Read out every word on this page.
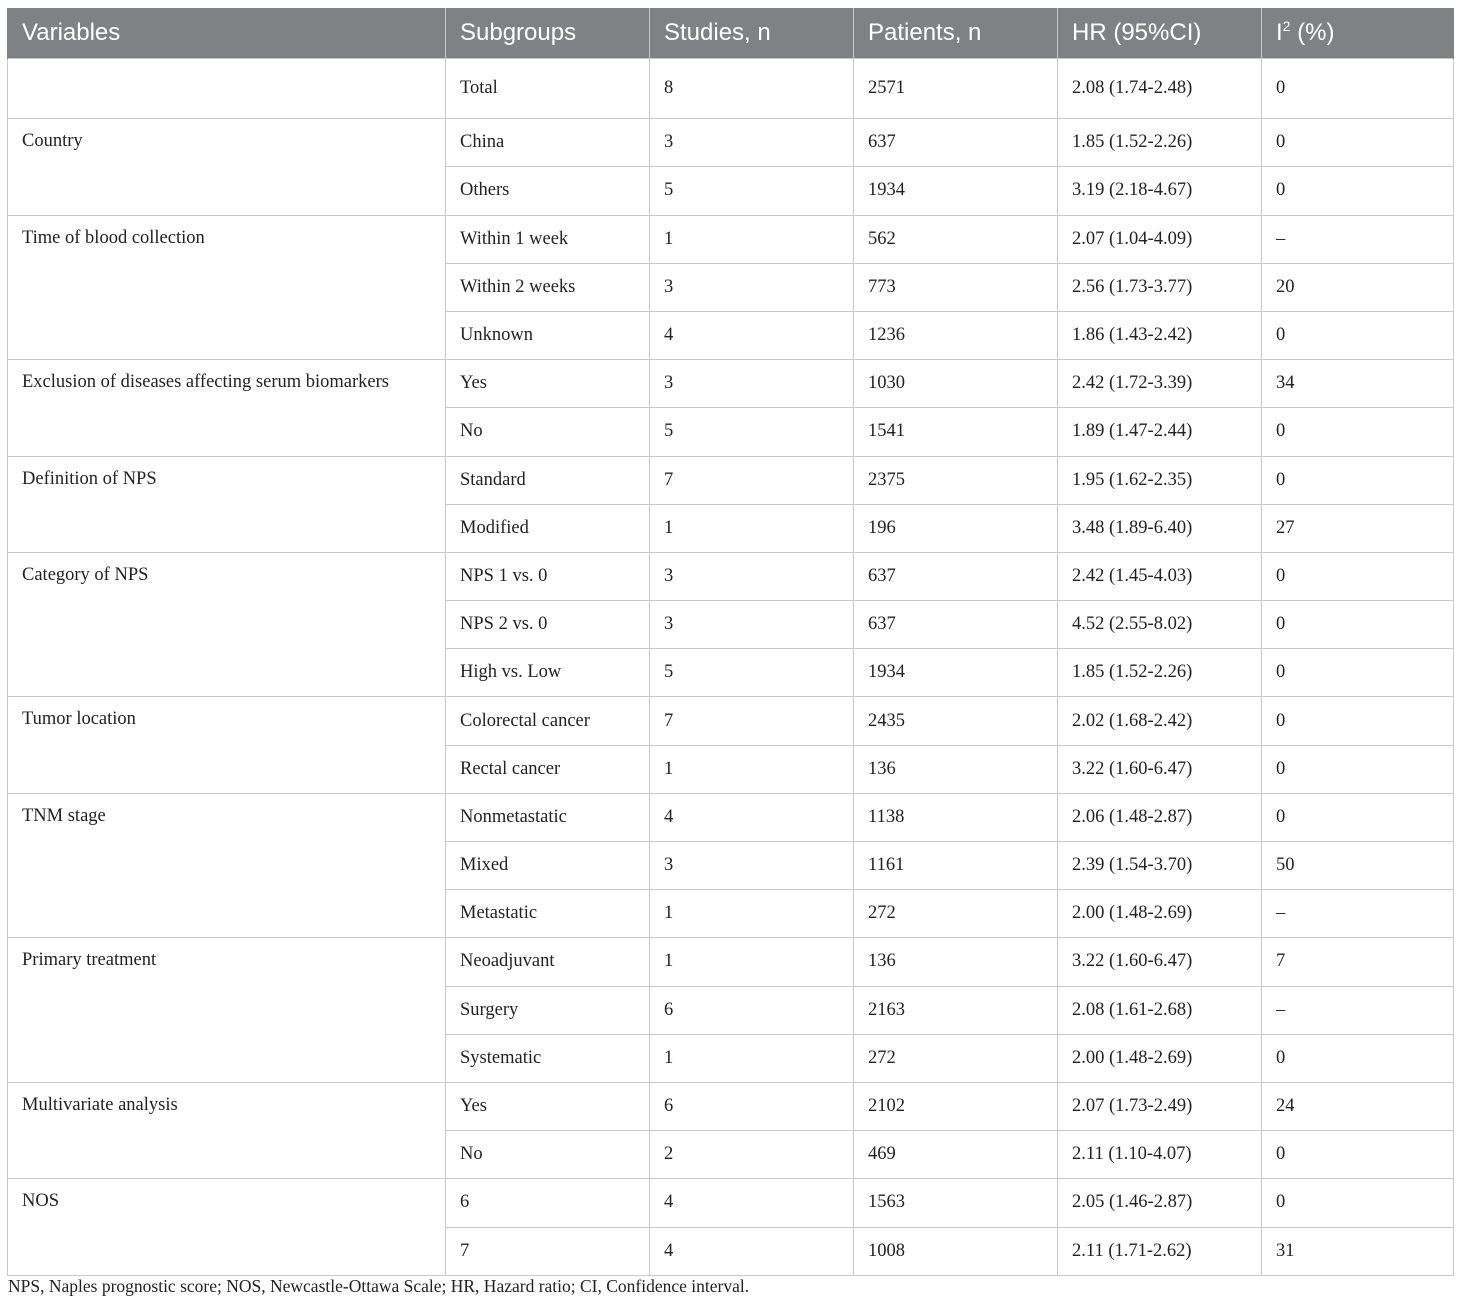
Variables	Subgroups	Studies, n	Patients, n	HR (95%CI)	$I^2$ (%)
	Total	8	2571	2.08 (1.74-2.48)	0
Country	China	3	637	1.85 (1.52-2.26)	0
	Others	5	1934	3.19 (2.18-4.67)	0
Time of blood collection	Within 1 week	1	562	2.07 (1.04-4.09)	–
	Within 2 weeks	3	773	2.56 (1.73-3.77)	20
	Unknown	4	1236	1.86 (1.43-2.42)	0
Exclusion of diseases affecting serum biomarkers	Yes	3	1030	2.42 (1.72-3.39)	34
	No	5	1541	1.89 (1.47-2.44)	0
Definition of NPS	Standard	7	2375	1.95 (1.62-2.35)	0
	Modified	1	196	3.48 (1.89-6.40)	27
Category of NPS	NPS 1 vs. 0	3	637	2.42 (1.45-4.03)	0
	NPS 2 vs. 0	3	637	4.52 (2.55-8.02)	0
	High vs. Low	5	1934	1.85 (1.52-2.26)	0
Tumor location	Colorectal cancer	7	2435	2.02 (1.68-2.42)	0
	Rectal cancer	1	136	3.22 (1.60-6.47)	0
TNM stage	Nonmetastatic	4	1138	2.06 (1.48-2.87)	0
	Mixed	3	1161	2.39 (1.54-3.70)	50
	Metastatic	1	272	2.00 (1.48-2.69)	–
Primary treatment	Neoadjuvant	1	136	3.22 (1.60-6.47)	7
	Surgery	6	2163	2.08 (1.61-2.68)	–
	Systematic	1	272	2.00 (1.48-2.69)	0
Multivariate analysis	Yes	6	2102	2.07 (1.73-2.49)	24
	No	2	469	2.11 (1.10-4.07)	0
NOS	6	4	1563	2.05 (1.46-2.87)	0
	7	4	1008	2.11 (1.71-2.62)	31
NPS, Naples prognostic score; NOS, Newcastle-Ottawa Scale; HR, Hazard ratio; CI, Confidence interval.
